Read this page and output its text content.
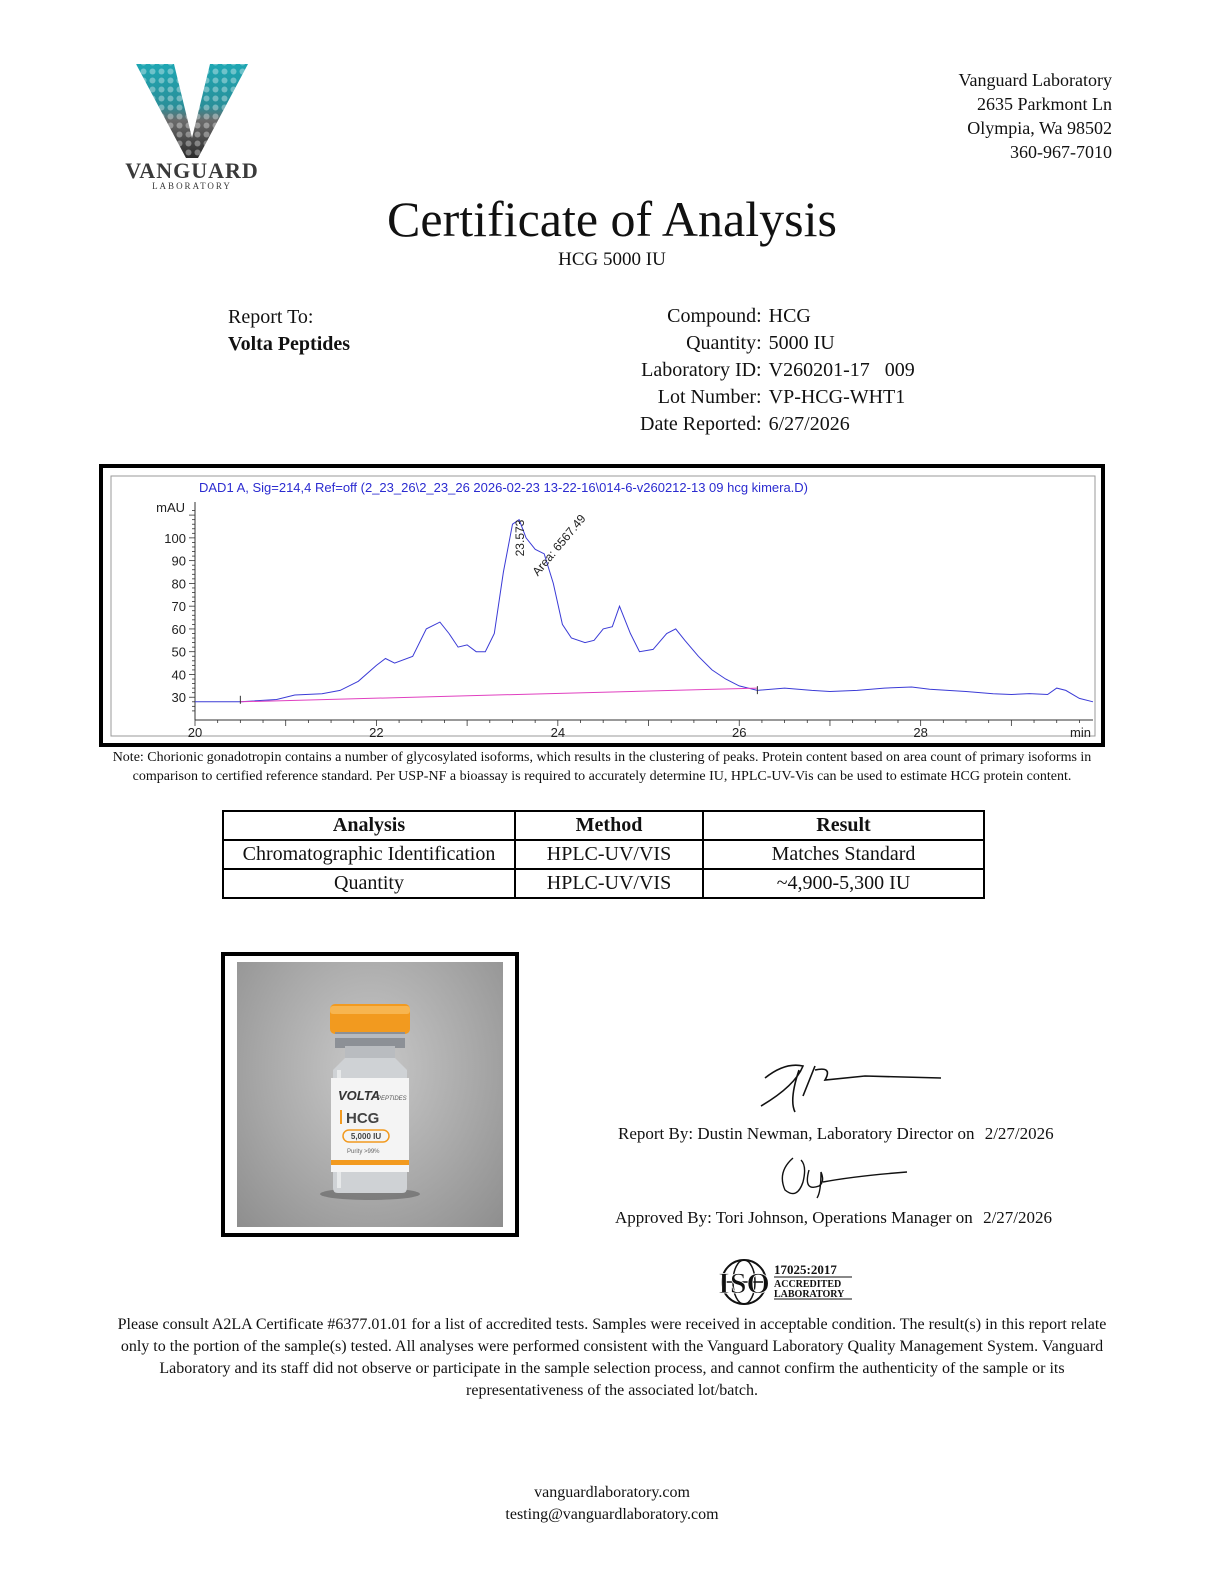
VANGUARD
LABORATORY
Vanguard Laboratory
2635 Parkmont Ln
Olympia, Wa 98502
360-967-7010
Certificate of Analysis
HCG 5000 IU
Report To:
Volta Peptides
Compound:	HCG
Quantity:	5000 IU
Laboratory ID:	V260201-17   009
Lot Number:	VP-HCG-WHT1
Date Reported:	6/27/2026
DAD1 A, Sig=214,4 Ref=off (2_23_26\2_23_26 2026-02-23 13-22-16\014-6-v260212-13 09 hcg kimera.D)
30
40
50
60
70
80
90
100
mAU
20	22	24	26	28	min
23.573 Area: 6567.49
Note: Chorionic gonadotropin contains a number of glycosylated isoforms, which results in the clustering of peaks. Protein content based on area count of primary isoforms in comparison to certified reference standard. Per USP-NF a bioassay is required to accurately determine IU, HPLC-UV-Vis can be used to estimate HCG protein content.
Analysis	Method	Result
Chromatographic Identification	HPLC-UV/VIS	Matches Standard
Quantity	HPLC-UV/VIS	~4,900-5,300 IU
VOLTA
PEPTIDES
HCG
5,000 IU
Purity >99%
Report By: Dustin Newman, Laboratory Director on 2/27/2026
Approved By: Tori Johnson, Operations Manager on 2/27/2026
ISO 17025:2017
ACCREDITED
LABORATORY
Please consult A2LA Certificate #6377.01.01 for a list of accredited tests. Samples were received in acceptable condition. The result(s) in this report relate only to the portion of the sample(s) tested. All analyses were performed consistent with the Vanguard Laboratory Quality Management System. Vanguard Laboratory and its staff did not observe or participate in the sample selection process, and cannot confirm the authenticity of the sample or its representativeness of the associated lot/batch.
vanguardlaboratory.com
testing@vanguardlaboratory.com
